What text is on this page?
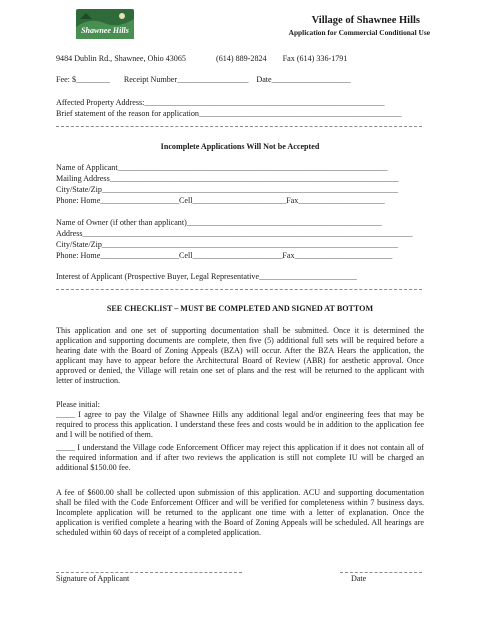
Shawnee Hills
Village of Shawnee Hills
Application for Commercial Conditional Use
9484 Dublin Rd., Shawnee, Ohio 43065	(614) 889-2824 Fax (614) 336-1791
Fee: $_________ Receipt Number___________________ Date_____________________
Affected Property Address:________________________________________________________________
Brief statement of the reason for application______________________________________________________
Incomplete Applications Will Not be Accepted
Name of Applicant________________________________________________________________________
Mailing Address_____________________________________________________________________________
City/State/Zip_______________________________________________________________________________
Phone: Home_____________________Cell_________________________Fax_______________________
Name of Owner (if other than applicant)____________________________________________________
Address________________________________________________________________________________________
City/State/Zip_______________________________________________________________________________
Phone: Home_____________________Cell________________________Fax__________________________
Interest of Applicant (Prospective Buyer, Legal Representative__________________________
SEE CHECKLIST – MUST BE COMPLETED AND SIGNED AT BOTTOM
This application and one set of supporting documentation shall be submitted. Once it is determined the application and supporting documents are complete, then five (5) additional full sets will be required before a hearing date with the Board of Zoning Appeals (BZA) will occur. After the BZA Hears the application, the applicant may have to appear before the Architectural Board of Review (ABR) for aesthetic approval. Once approved or denied, the Village will retain one set of plans and the rest will be returned to the applicant with letter of instruction.
Please initial:
_____ I agree to pay the Vilalge of Shawnee Hills any additional legal and/or engineering fees that may be required to process this application. I understand these fees and costs would be in addition to the application fee and I will be notified of them.
_____ I understand the Village code Enforcement Officer may reject this application if it does not contain all of the required information and if after two reviews the application is still not complete IU will be charged an additional $150.00 fee.
A fee of $600.00 shall be collected upon submission of this application. ACU and supporting documentation shall be filed with the Code Enforcement Officer and will be verified for completeness within 7 business days. Incomplete application will be returned to the applicant one time with a letter of explanation. Once the application is verified complete a hearing with the Board of Zoning Appeals will be scheduled. All hearings are scheduled within 60 days of receipt of a completed application.
Signature of Applicant	Date
